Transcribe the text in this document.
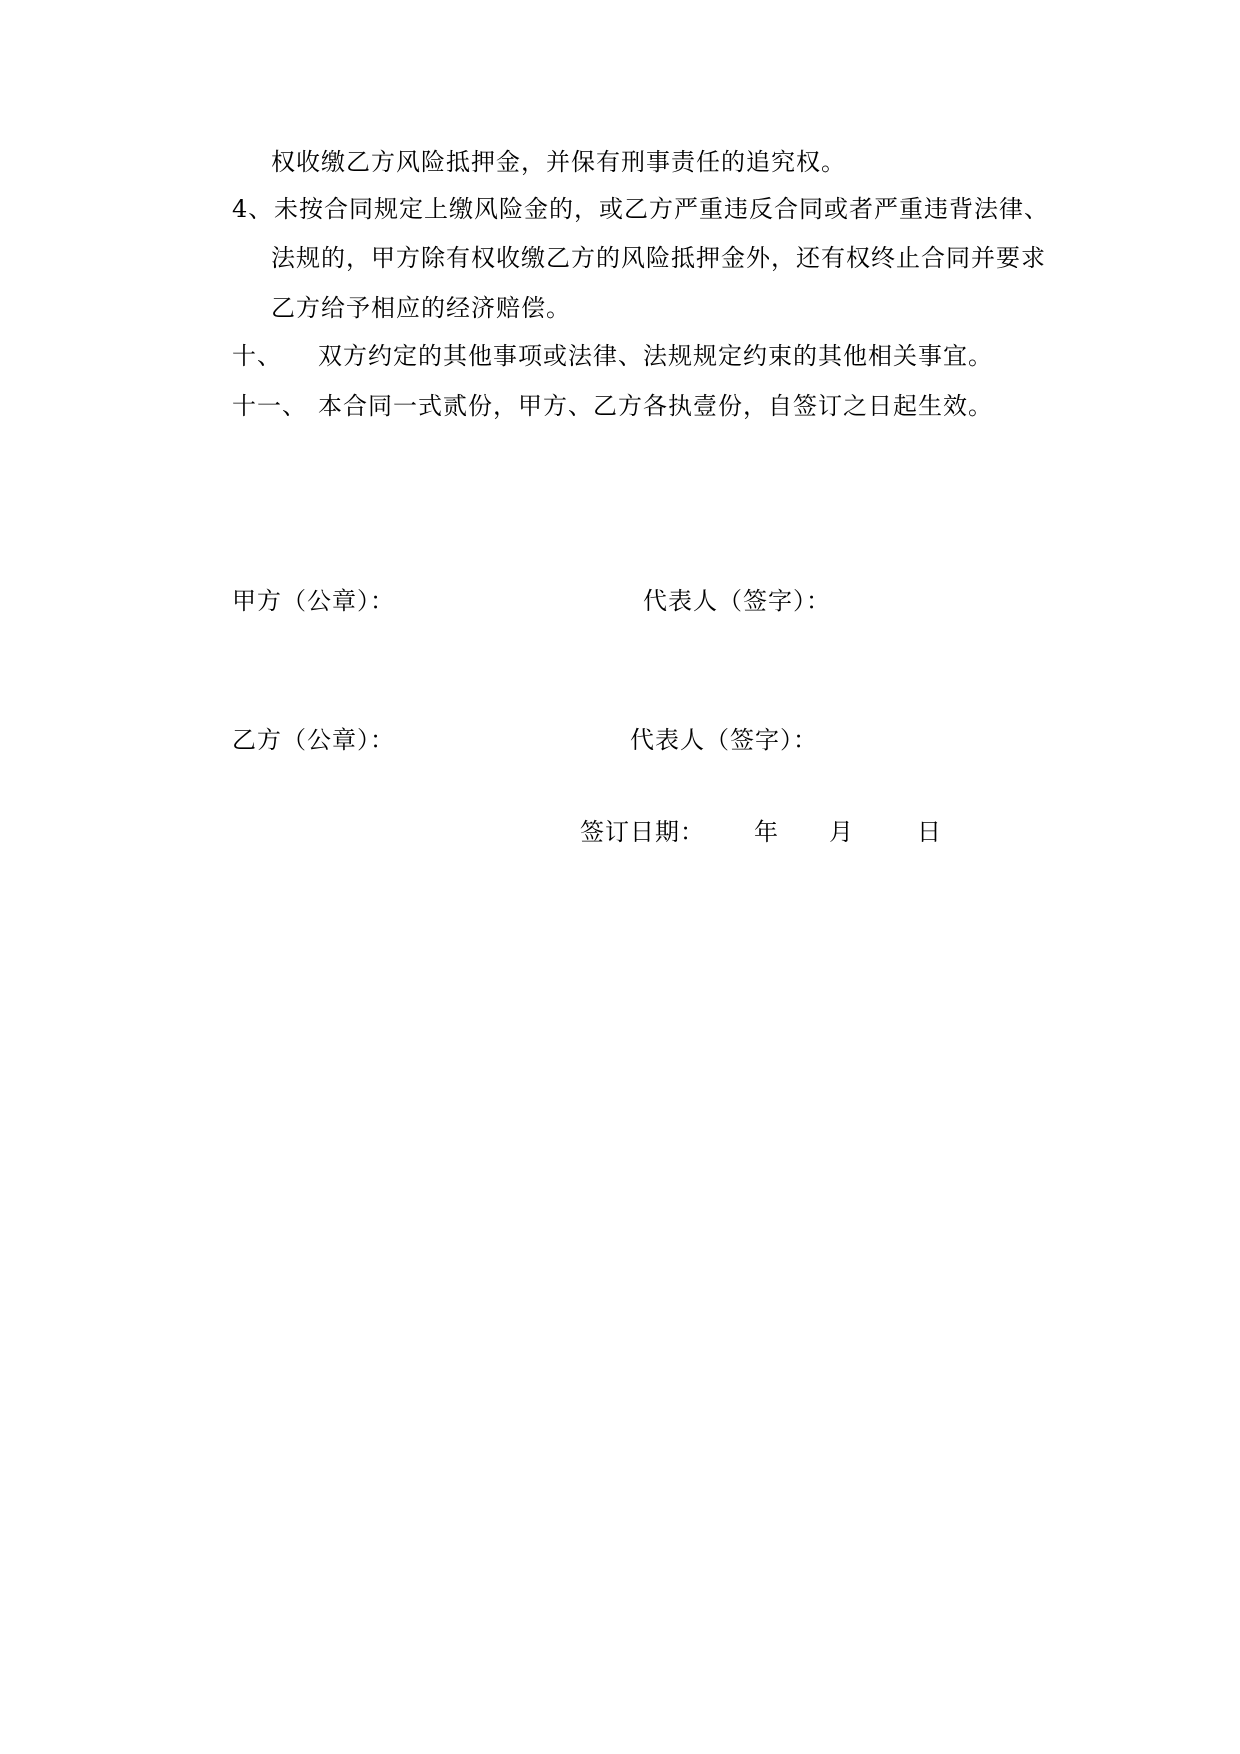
权收缴乙方风险抵押金，并保有刑事责任的追究权。
4、 未按合同规定上缴风险金的，或乙方严重违反合同或者严重违背法律、
法规的，甲方除有权收缴乙方的风险抵押金外，还有权终止合同并要求
乙方给予相应的经济赔偿。
十、 双方约定的其他事项或法律、法规规定约束的其他相关事宜。
十一、 本合同一式贰份，甲方、乙方各执壹份，自签订之日起生效。
甲方（公章）：	代表人（签字）：
乙方（公章）：	代表人（签字）：
签订日期： 年 月	日
